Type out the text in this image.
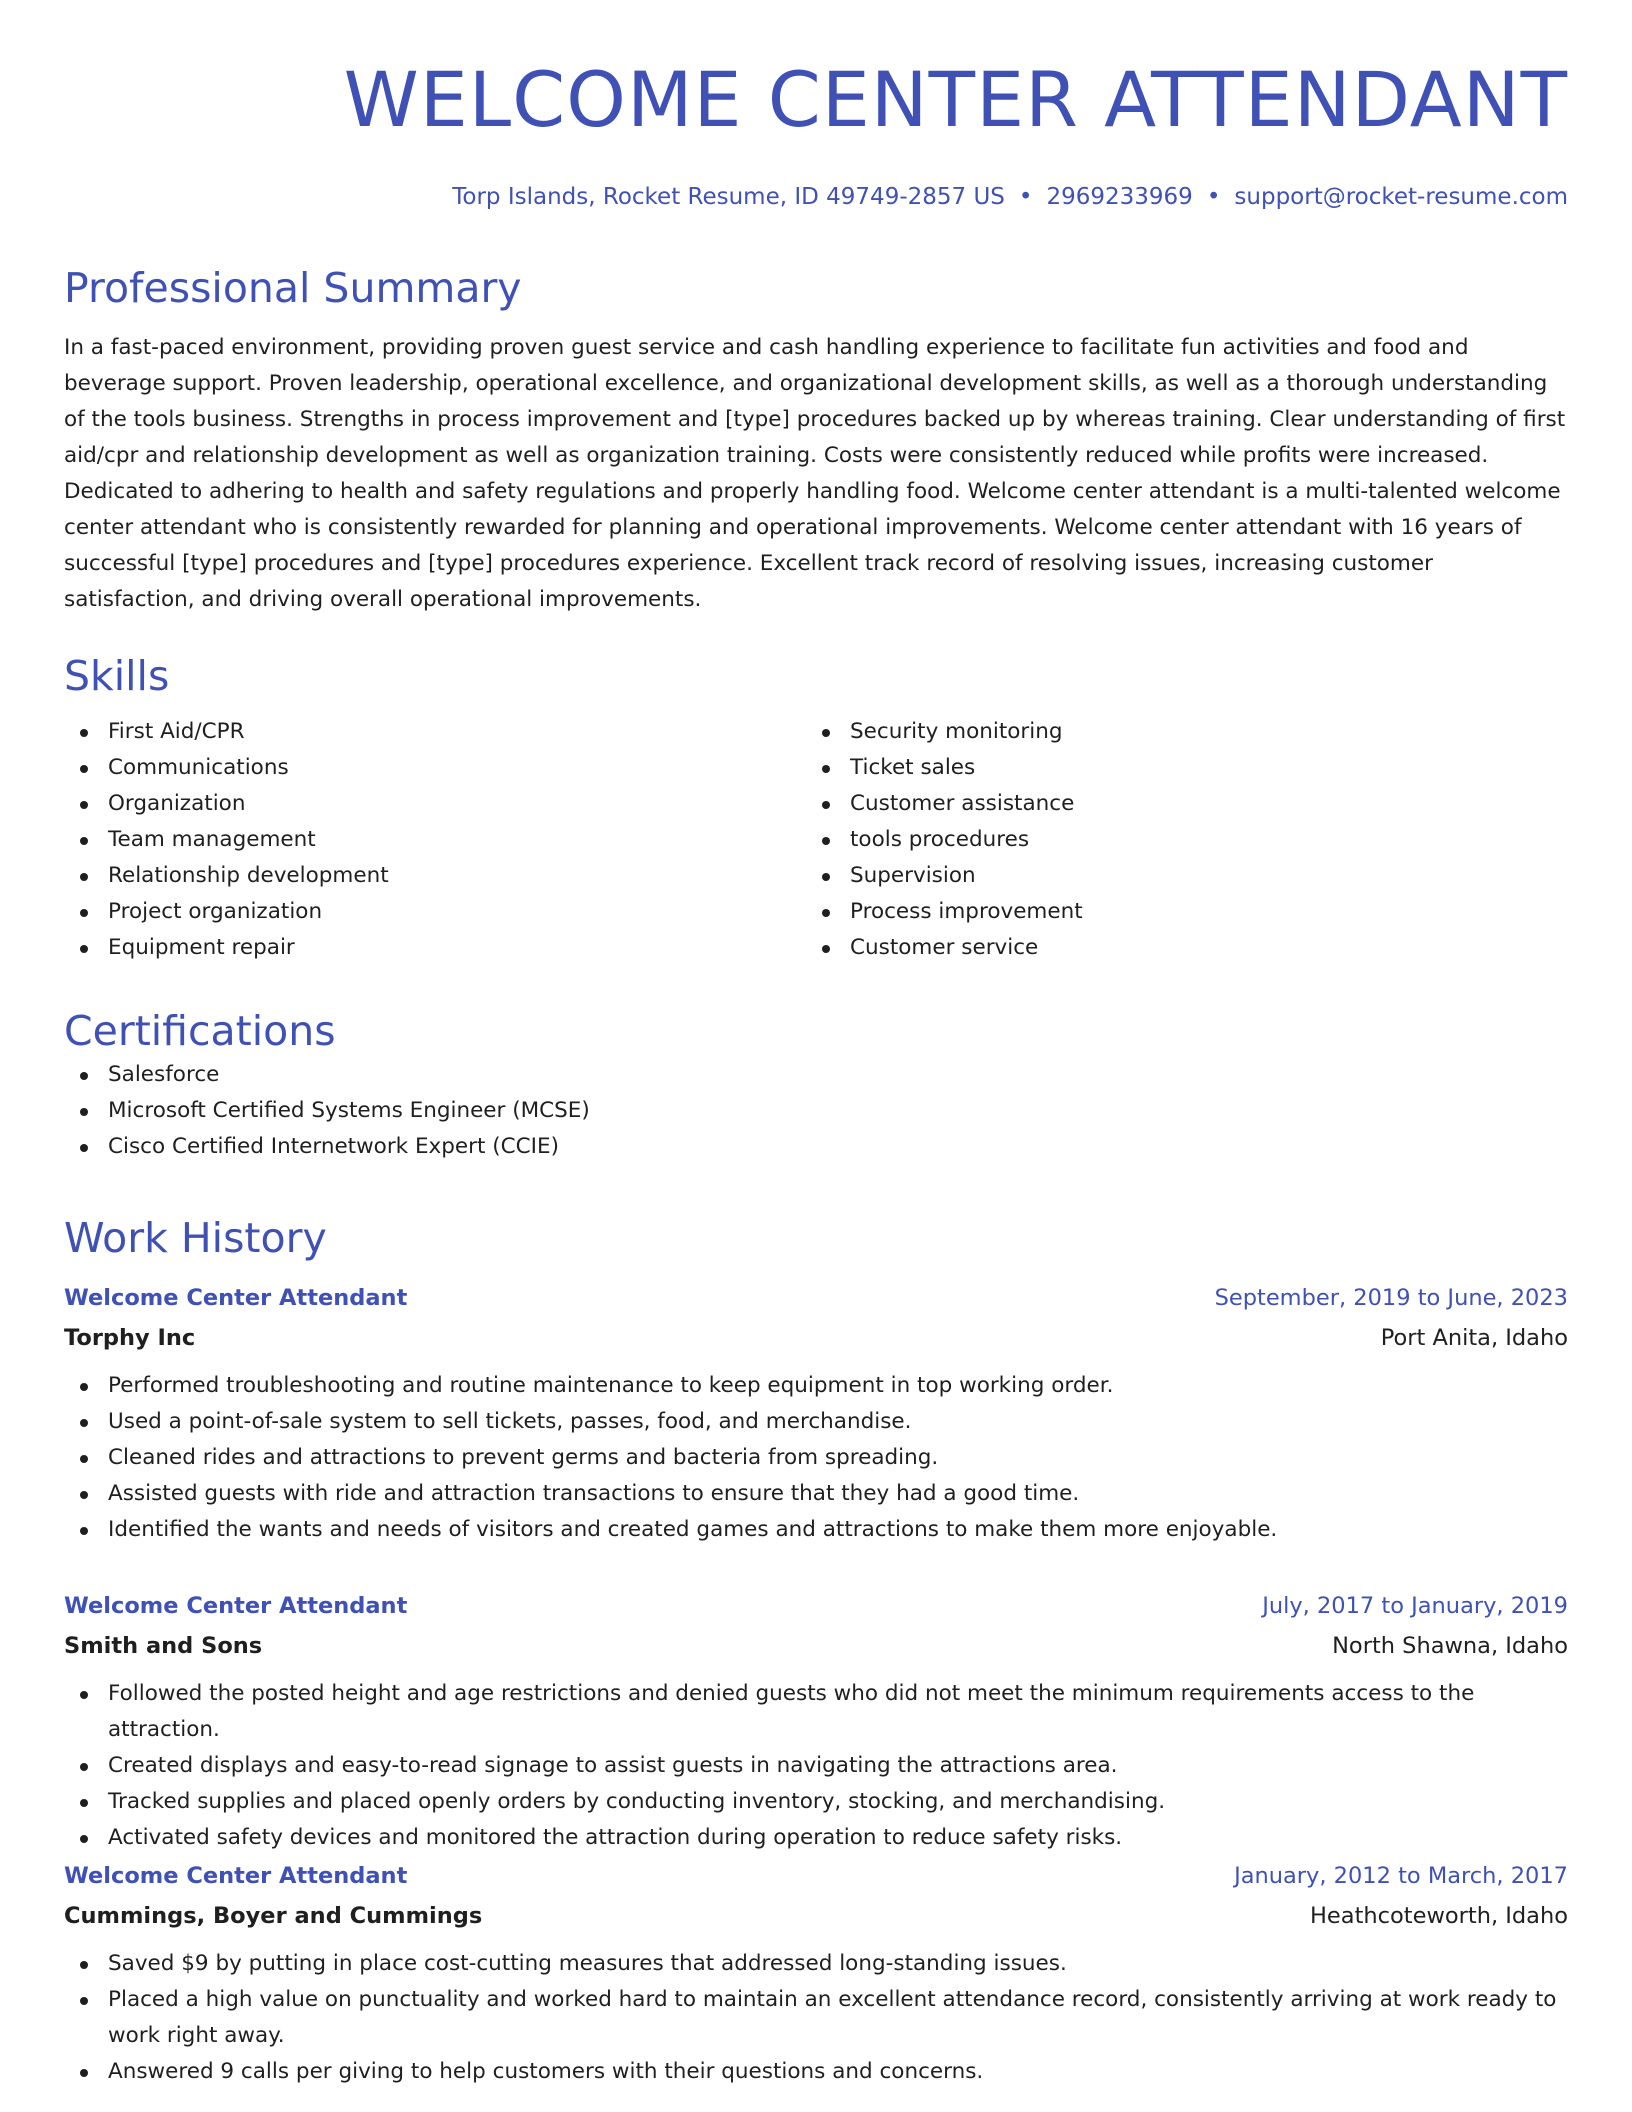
WELCOME CENTER ATTENDANT
Torp Islands, Rocket Resume, ID 49749-2857 US • 2969233969 • support@rocket-resume.com
Professional Summary

In a fast-paced environment, providing proven guest service and cash handling experience to facilitate fun activities and food and beverage support. Proven leadership, operational excellence, and organizational development skills, as well as a thorough understanding of the tools business. Strengths in process improvement and [type] procedures backed up by whereas training. Clear understanding of first aid/cpr and relationship development as well as organization training. Costs were consistently reduced while profits were increased. Dedicated to adhering to health and safety regulations and properly handling food. Welcome center attendant is a multi-talented welcome center attendant who is consistently rewarded for planning and operational improvements. Welcome center attendant with 16 years of successful [type] procedures and [type] procedures experience. Excellent track record of resolving issues, increasing customer satisfaction, and driving overall operational improvements.

Skills
First Aid/CPR
Communications
Organization
Team management
Relationship development
Project organization
Equipment repair
Security monitoring
Ticket sales
Customer assistance
tools procedures
Supervision
Process improvement
Customer service
Certifications
Salesforce
Microsoft Certified Systems Engineer (MCSE)
Cisco Certified Internetwork Expert (CCIE)
Work History
Welcome Center Attendant	September, 2019 to June, 2023
Torphy Inc	Port Anita, Idaho
Performed troubleshooting and routine maintenance to keep equipment in top working order.
Used a point-of-sale system to sell tickets, passes, food, and merchandise.
Cleaned rides and attractions to prevent germs and bacteria from spreading.
Assisted guests with ride and attraction transactions to ensure that they had a good time.
Identified the wants and needs of visitors and created games and attractions to make them more enjoyable.
Welcome Center Attendant	July, 2017 to January, 2019
Smith and Sons	North Shawna, Idaho
Followed the posted height and age restrictions and denied guests who did not meet the minimum requirements access to the attraction.
Created displays and easy-to-read signage to assist guests in navigating the attractions area.
Tracked supplies and placed openly orders by conducting inventory, stocking, and merchandising.
Activated safety devices and monitored the attraction during operation to reduce safety risks.
Welcome Center Attendant	January, 2012 to March, 2017
Cummings, Boyer and Cummings	Heathcoteworth, Idaho
Saved $9 by putting in place cost-cutting measures that addressed long-standing issues.
Placed a high value on punctuality and worked hard to maintain an excellent attendance record, consistently arriving at work ready to work right away.
Answered 9 calls per giving to help customers with their questions and concerns.
